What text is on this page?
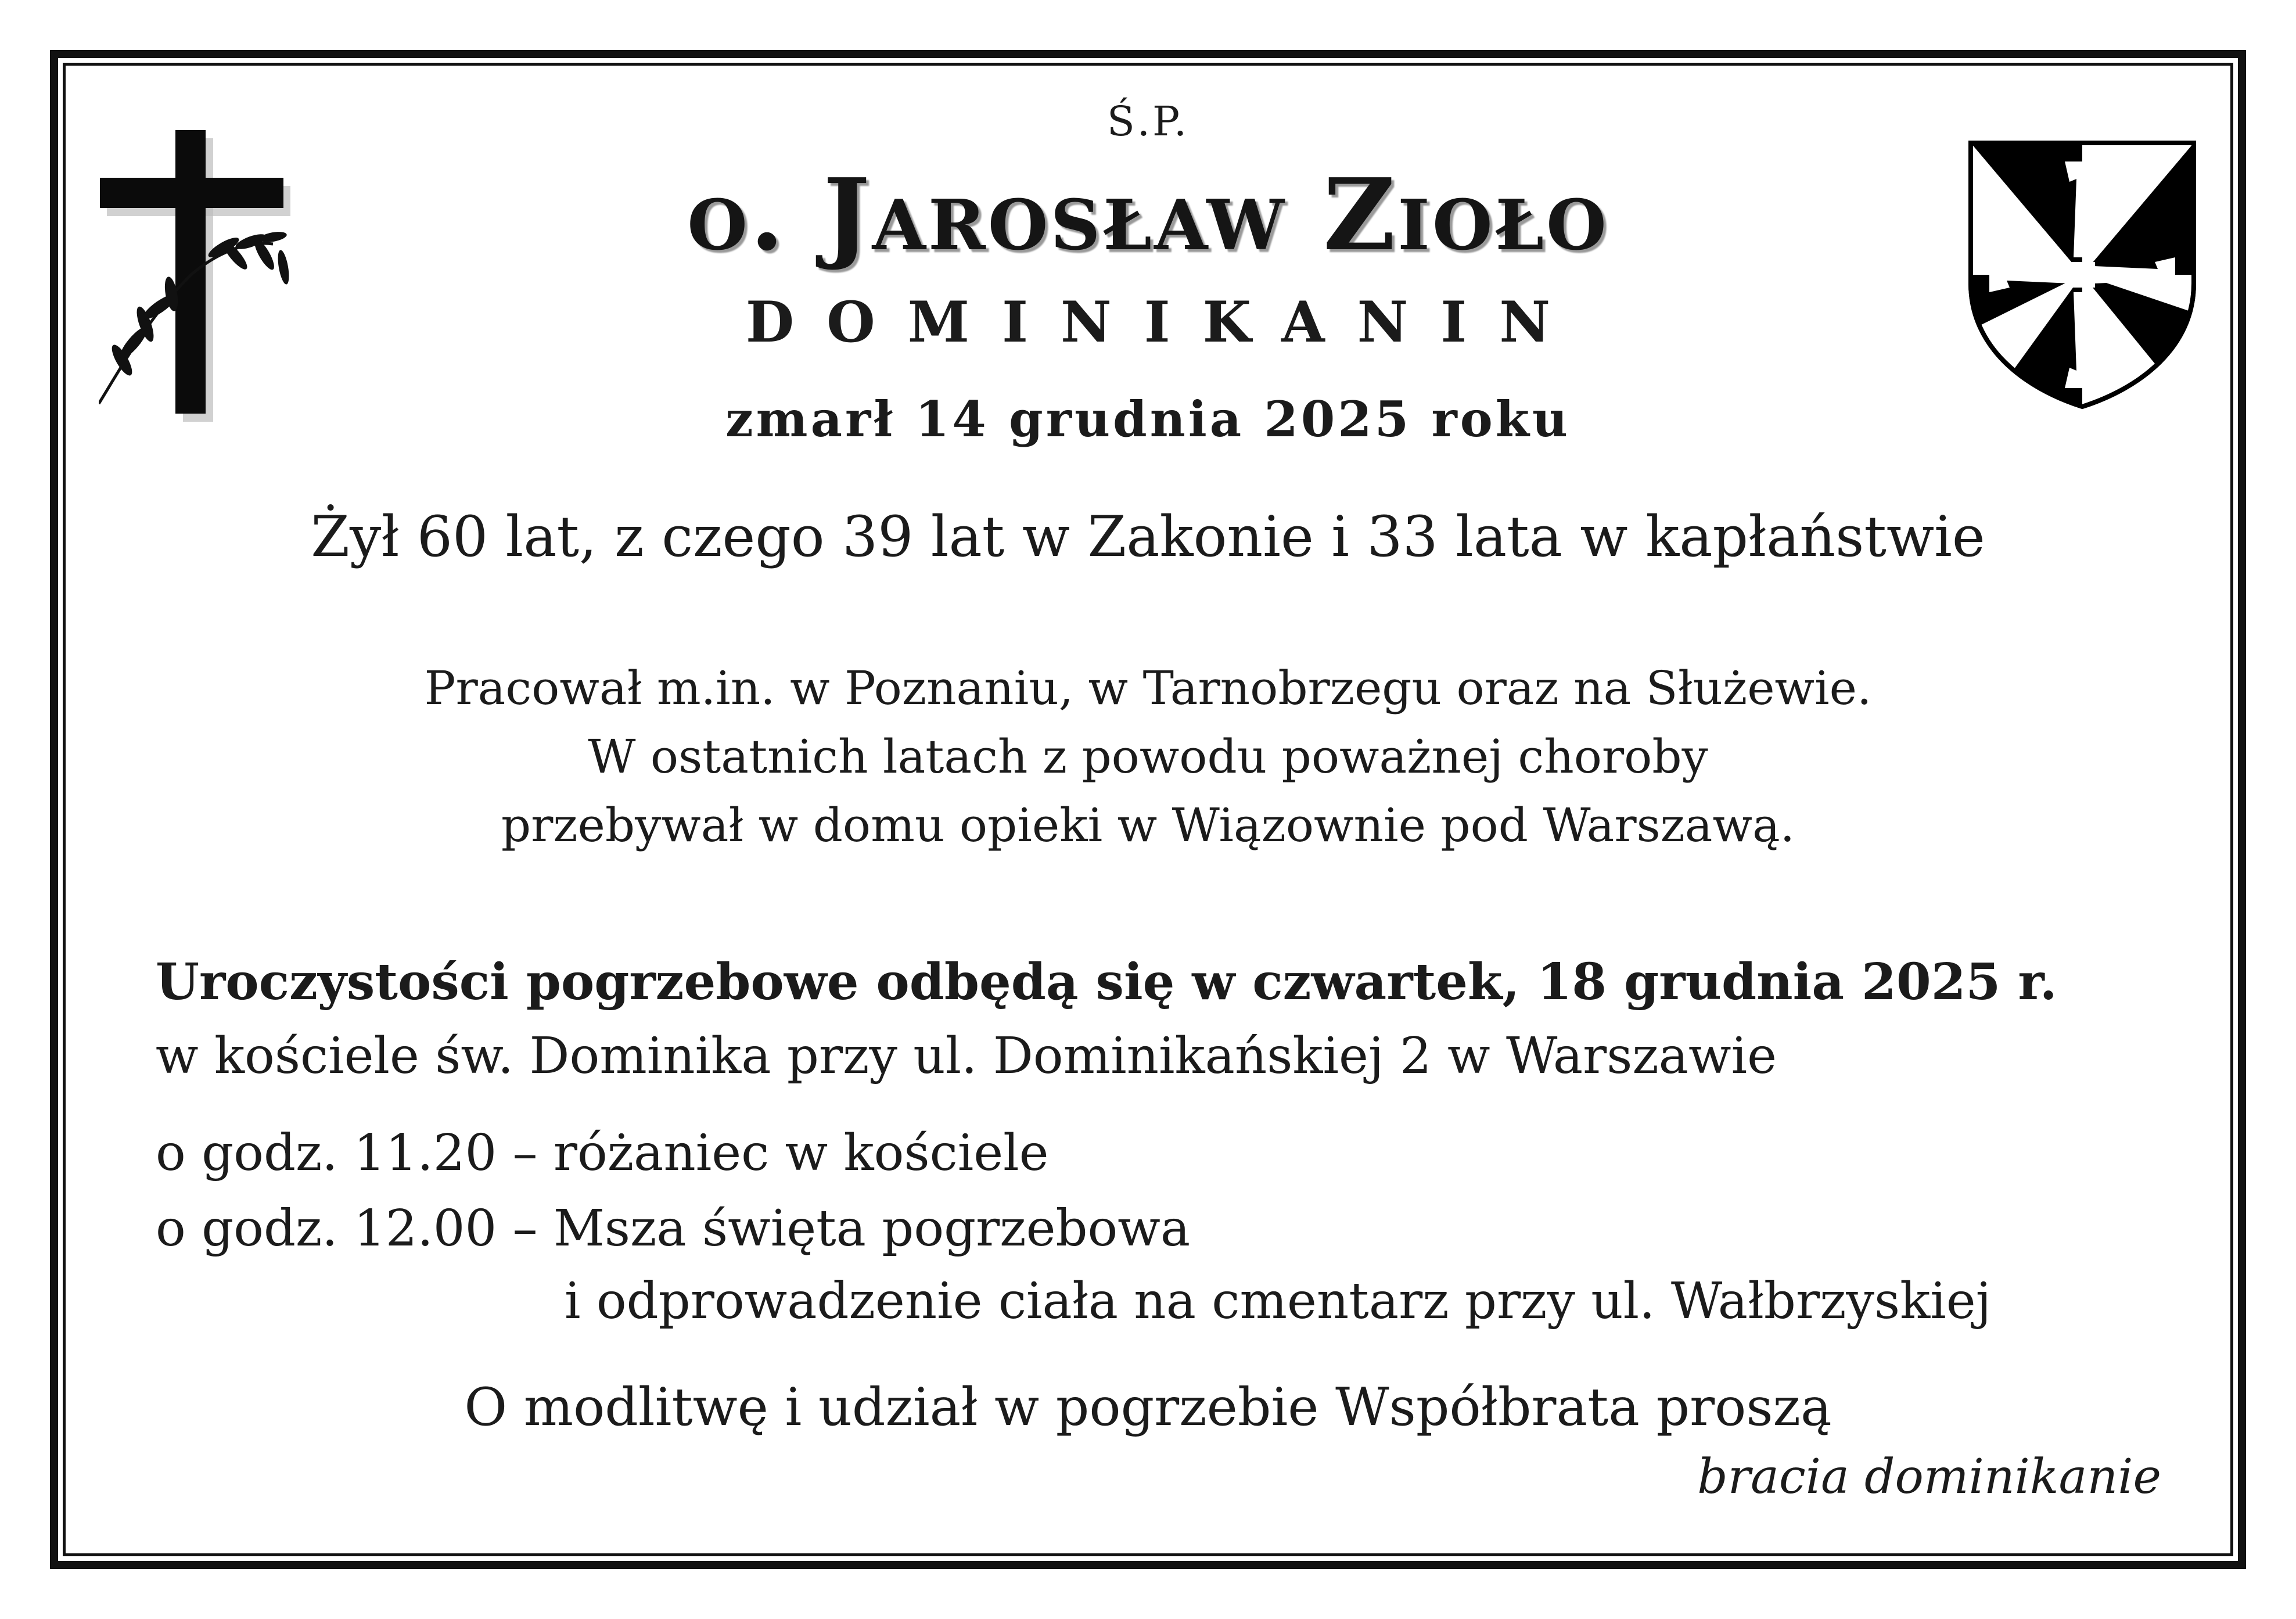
Ś.P.
o. Jarosław Zioło
DOMINIKANIN
zmarł 14 grudnia 2025 roku
Żył 60 lat, z czego 39 lat w Zakonie i 33 lata w kapłaństwie
Pracował m.in. w Poznaniu, w Tarnobrzegu oraz na Służewie.
W ostatnich latach z powodu poważnej choroby
przebywał w domu opieki w Wiązownie pod Warszawą.
Uroczystości pogrzebowe odbędą się w czwartek, 18 grudnia 2025 r.
w kościele św. Dominika przy ul. Dominikańskiej 2 w Warszawie
o godz. 11.20 – różaniec w kościele
o godz. 12.00 – Msza święta pogrzebowa
i odprowadzenie ciała na cmentarz przy ul. Wałbrzyskiej
O modlitwę i udział w pogrzebie Współbrata proszą
bracia dominikanie
